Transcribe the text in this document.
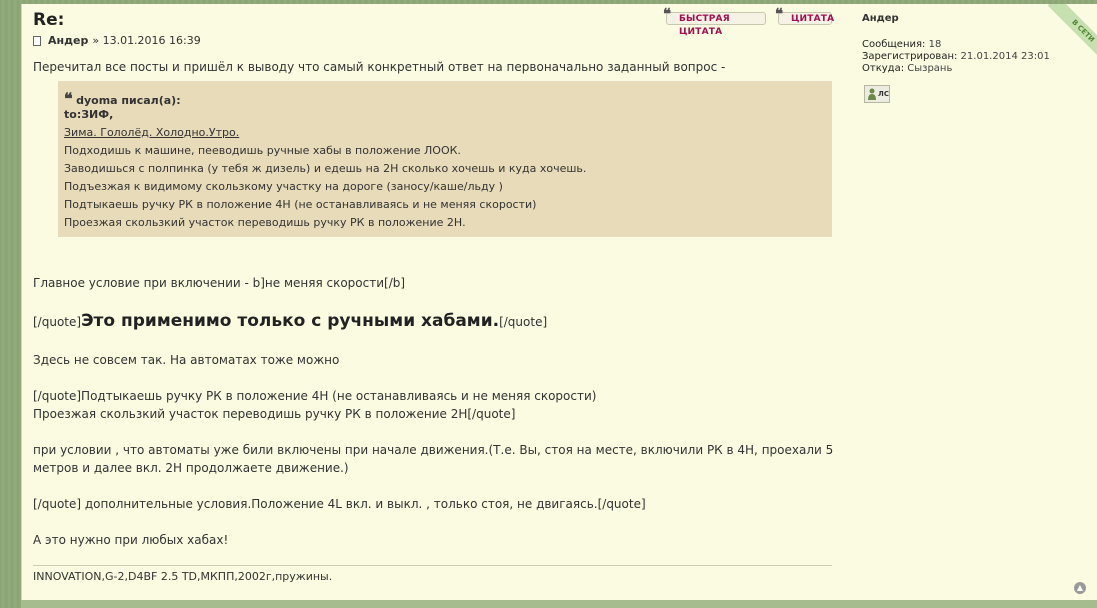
Re:
Андер » 13.01.2016 16:39
❝ БЫСТРАЯ ЦИТАТА
❝ ЦИТАТА
Перечитал все посты и пришёл к выводу что самый конкретный ответ на первоначально заданный вопрос -
❝ dyoma писал(a):
to:ЗИФ,
Зима. Гололёд. Холодно.Утро.
Подходишь к машине, пееводишь ручные хабы в положение ЛООК.
Заводишься с полпинка (у тебя ж дизель) и едешь на 2Н сколько хочешь и куда хочешь.
Подъезжая к видимому скользкому участку на дороге (заносу/каше/льду )
Подтыкаешь ручку РК в положение 4Н (не останавливаясь и не меняя скорости)
Проезжая скользкий участок переводишь ручку РК в положение 2Н.
Главное условие при включении - b]не меняя скорости[/b]
[/quote]Это применимо только с ручными хабами.[/quote]
Здесь не совсем так. На автоматах тоже можно
[/quote]Подтыкаешь ручку РК в положение 4Н (не останавливаясь и не меняя скорости)
Проезжая скользкий участок переводишь ручку РК в положение 2Н[/quote]
при условии , что автоматы уже били включены при начале движения.(Т.е. Вы, стоя на месте, включили РК в 4Н, проехали 5
метров и далее вкл. 2Н продолжаете движение.)
[/quote] дополнительные условия.Положение 4L вкл. и выкл. , только стоя, не двигаясь.[/quote]
А это нужно при любых хабах!
INNOVATION,G-2,D4BF 2.5 TD,МКПП,2002г,пружины.
Андер
Сообщения: 18
Зарегистрирован: 21.01.2014 23:01
Откуда: Сызрань
ЛС
В СЕТИ
▲
